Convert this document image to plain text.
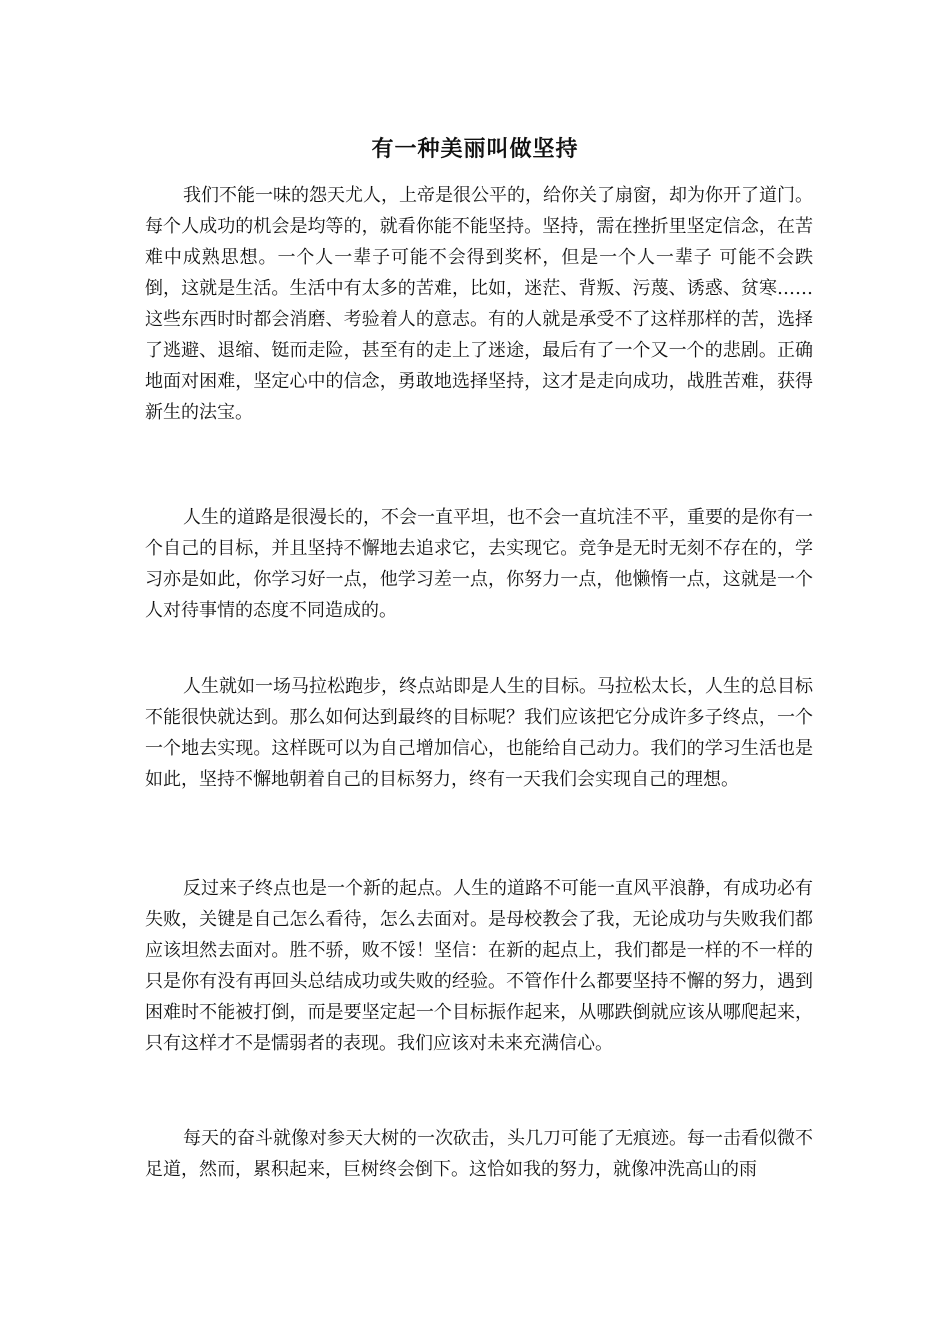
有一种美丽叫做坚持

我们不能一味的怨天尤人，上帝是很公平的，给你关了扇窗，却为你开了道门。每个人成功的机会是均等的，就看你能不能坚持。坚持，需在挫折里坚定信念，在苦难中成熟思想。一个人一辈子可能不会得到奖杯，但是一个人一辈子 可能不会跌倒，这就是生活。生活中有太多的苦难，比如，迷茫、背叛、污蔑、诱惑、贫寒……这些东西时时都会消磨、考验着人的意志。有的人就是承受不了这样那样的苦，选择了逃避、退缩、铤而走险，甚至有的走上了迷途，最后有了一个又一个的悲剧。正确地面对困难，坚定心中的信念，勇敢地选择坚持，这才是走向成功，战胜苦难，获得新生的法宝。

人生的道路是很漫长的，不会一直平坦，也不会一直坑洼不平，重要的是你有一个自己的目标，并且坚持不懈地去追求它，去实现它。竞争是无时无刻不存在的，学习亦是如此，你学习好一点，他学习差一点，你努力一点，他懒惰一点，这就是一个人对待事情的态度不同造成的。

人生就如一场马拉松跑步，终点站即是人生的目标。马拉松太长，人生的总目标不能很快就达到。那么如何达到最终的目标呢？我们应该把它分成许多子终点，一个一个地去实现。这样既可以为自己增加信心，也能给自己动力。我们的学习生活也是如此，坚持不懈地朝着自己的目标努力，终有一天我们会实现自己的理想。

反过来子终点也是一个新的起点。人生的道路不可能一直风平浪静，有成功必有失败，关键是自己怎么看待，怎么去面对。是母校教会了我，无论成功与失败我们都应该坦然去面对。胜不骄，败不馁！坚信：在新的起点上，我们都是一样的不一样的只是你有没有再回头总结成功或失败的经验。不管作什么都要坚持不懈的努力，遇到困难时不能被打倒，而是要坚定起一个目标振作起来，从哪跌倒就应该从哪爬起来，只有这样才不是懦弱者的表现。我们应该对未来充满信心。

每天的奋斗就像对参天大树的一次砍击，头几刀可能了无痕迹。每一击看似微不足道，然而，累积起来，巨树终会倒下。这恰如我的努力，就像冲洗高山的雨
